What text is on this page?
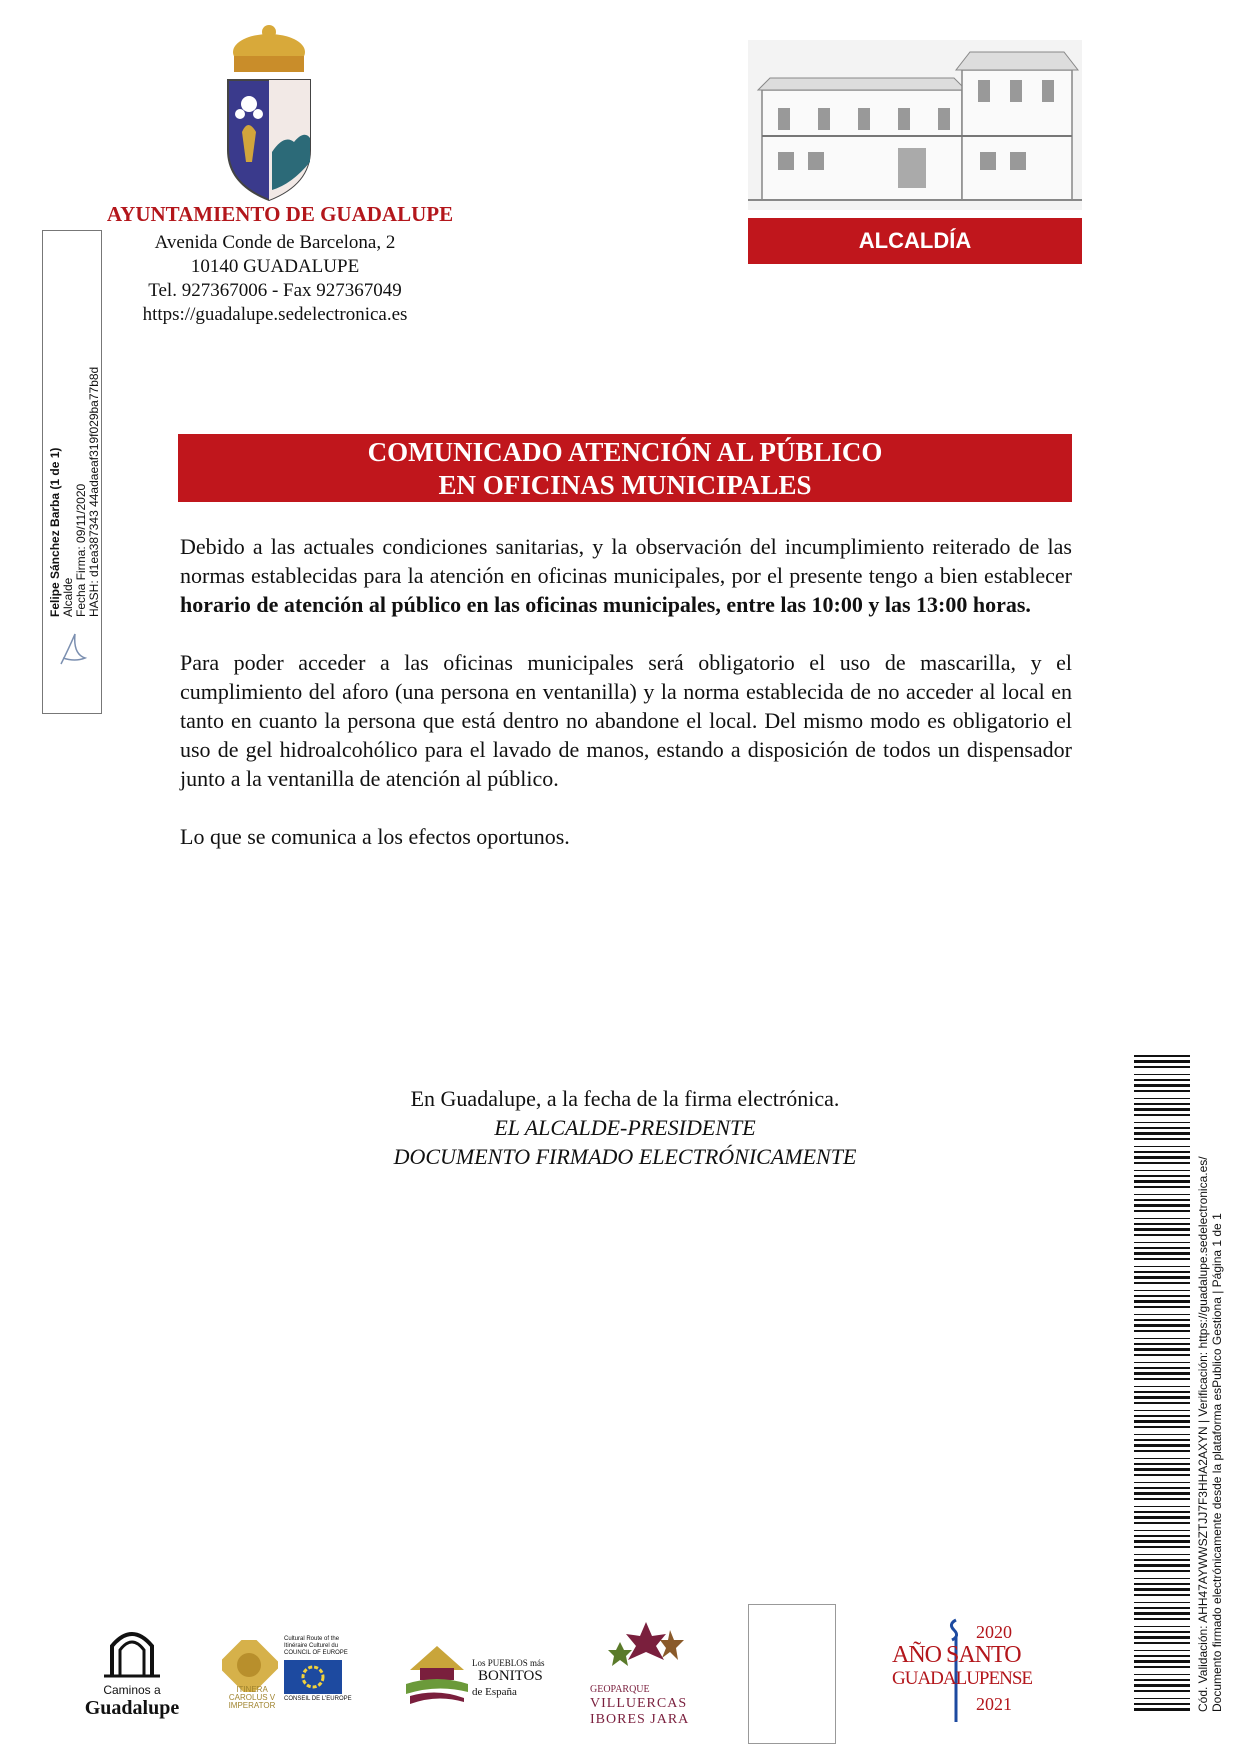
AYUNTAMIENTO DE GUADALUPE
Avenida Conde de Barcelona, 2
10140 GUADALUPE
Tel. 927367006 - Fax 927367049
https://guadalupe.sedelectronica.es
ALCALDÍA
Felipe Sánchez Barba (1 de 1) Alcalde Fecha Firma: 09/11/2020 HASH: d1ea387343 44adaeaf319f029ba77b8d	COMUNICADO ATENCIÓN AL PÚBLICO
EN OFICINAS MUNICIPALES

Debido a las actuales condiciones sanitarias, y la observación del incumplimiento reiterado de las normas establecidas para la atención en oficinas municipales, por el presente tengo a bien establecer horario de atención al público en las oficinas municipales, entre las 10:00 y las 13:00 horas.

Para poder acceder a las oficinas municipales será obligatorio el uso de mascarilla, y el cumplimiento del aforo (una persona en ventanilla) y la norma establecida de no acceder al local en tanto en cuanto la persona que está dentro no abandone el local. Del mismo modo es obligatorio el uso de gel hidroalcohólico para el lavado de manos, estando a disposición de todos un dispensador junto a la ventanilla de atención al público.

Lo que se comunica a los efectos oportunos.

En Guadalupe, a la fecha de la firma electrónica.
EL ALCALDE-PRESIDENTE
DOCUMENTO FIRMADO ELECTRÓNICAMENTE	Cód. Validación: AHH47AYWWSZTJJ7F3HHA2AXYN | Verificación: https://guadalupe.sedelectronica.es/ Documento firmado electrónicamente desde la plataforma esPublico Gestiona | Página 1 de 1
Caminos a
Guadalupe
ITINERA
CAROLUS V
IMPERATOR
Cultural Route of the
Itinéraire Culturel du
COUNCIL OF EUROPE
CONSEIL DE L'EUROPE
Los PUEBLOS más
BONITOS
de España	GEOPARQUE
VILLUERCAS
IBORES JARA
2020
AÑO SANTO
GUADALUPENSE
2021
